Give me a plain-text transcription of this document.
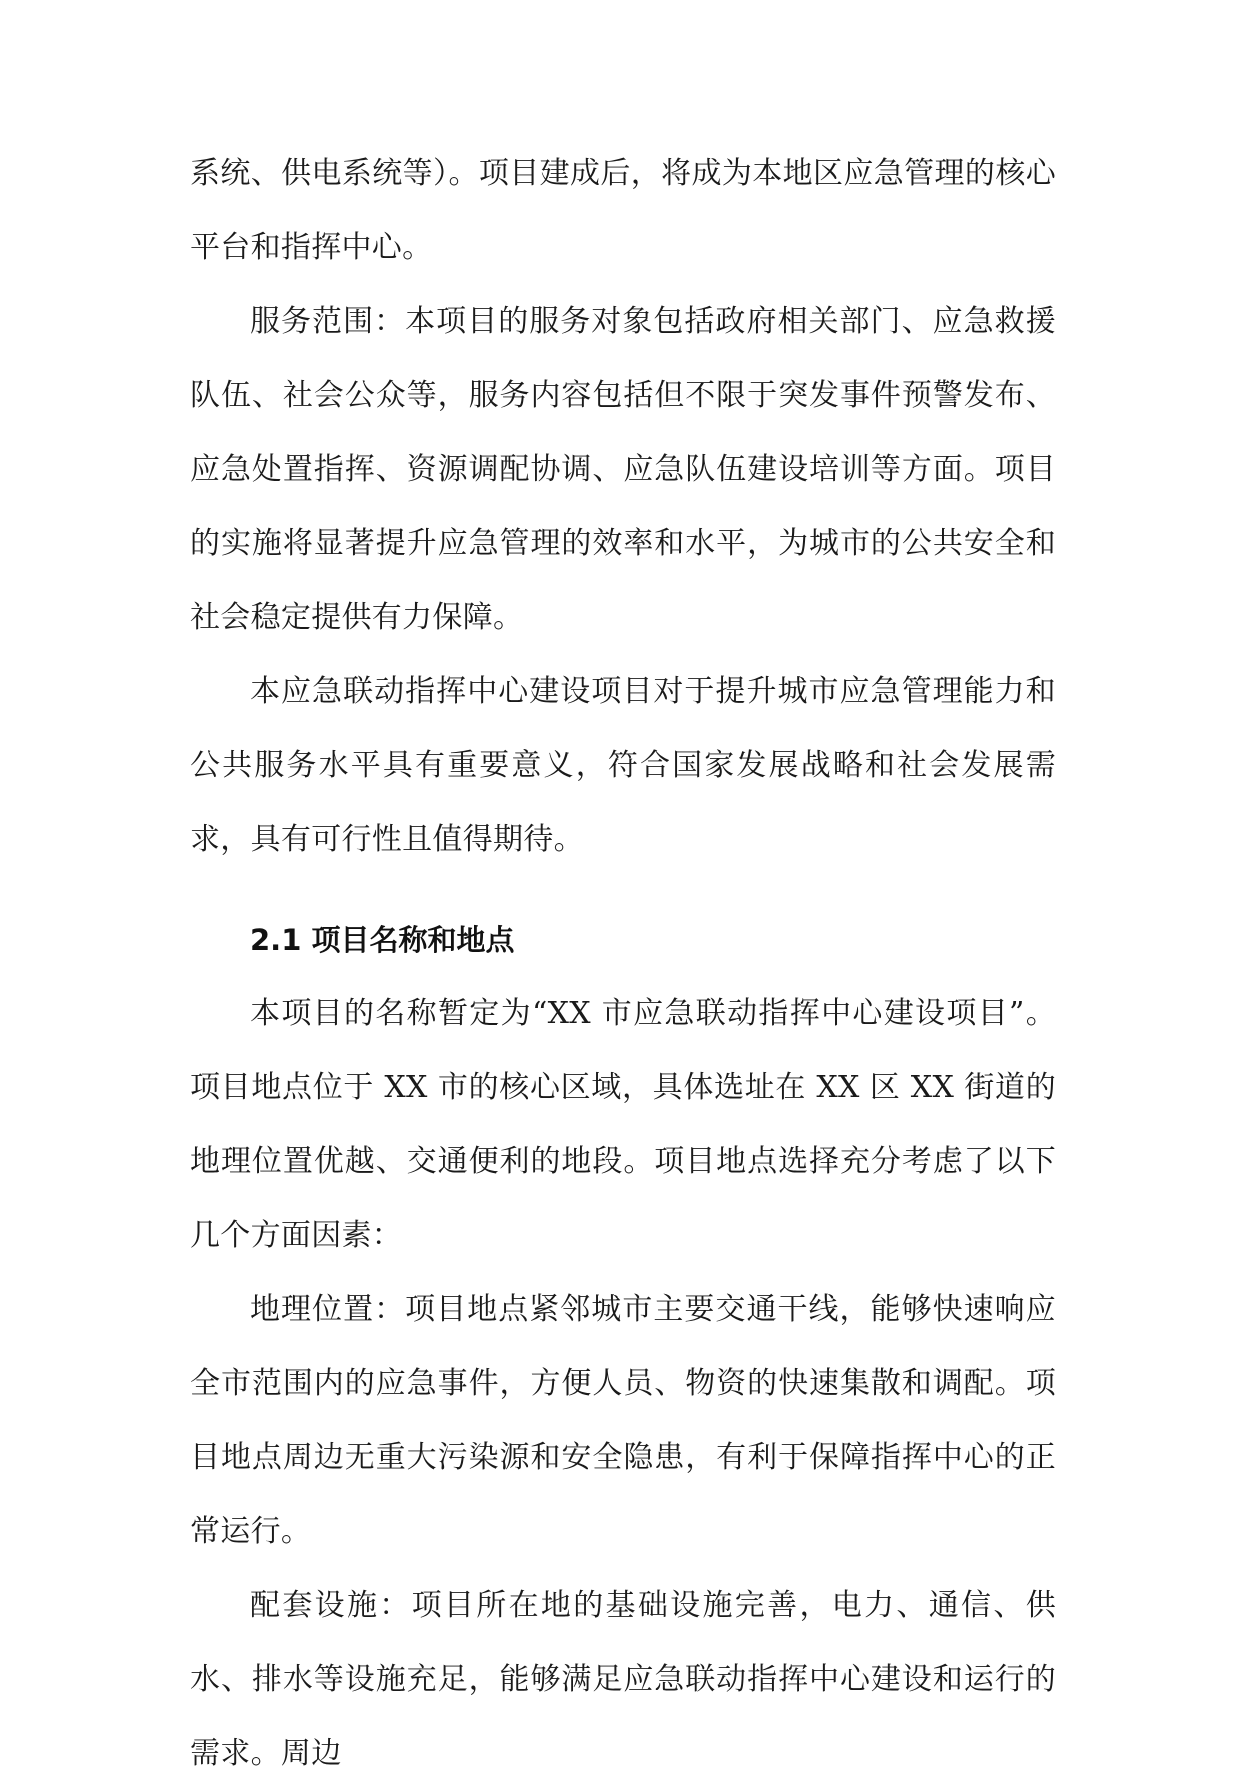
系统、供电系统等）。项目建成后，将成为本地区应急管理的核心平台和指挥中心。

服务范围：本项目的服务对象包括政府相关部门、应急救援队伍、社会公众等，服务内容包括但不限于突发事件预警发布、应急处置指挥、资源调配协调、应急队伍建设培训等方面。项目的实施将显著提升应急管理的效率和水平，为城市的公共安全和社会稳定提供有力保障。

本应急联动指挥中心建设项目对于提升城市应急管理能力和公共服务水平具有重要意义，符合国家发展战略和社会发展需求，具有可行性且值得期待。

2.1 项目名称和地点

本项目的名称暂定为“XX 市应急联动指挥中心建设项目”。项目地点位于 XX 市的核心区域，具体选址在 XX 区 XX 街道的地理位置优越、交通便利的地段。项目地点选择充分考虑了以下几个方面因素：

地理位置：项目地点紧邻城市主要交通干线，能够快速响应全市范围内的应急事件，方便人员、物资的快速集散和调配。项目地点周边无重大污染源和安全隐患，有利于保障指挥中心的正常运行。

配套设施：项目所在地的基础设施完善，电力、通信、供水、排水等设施充足，能够满足应急联动指挥中心建设和运行的需求。周边
